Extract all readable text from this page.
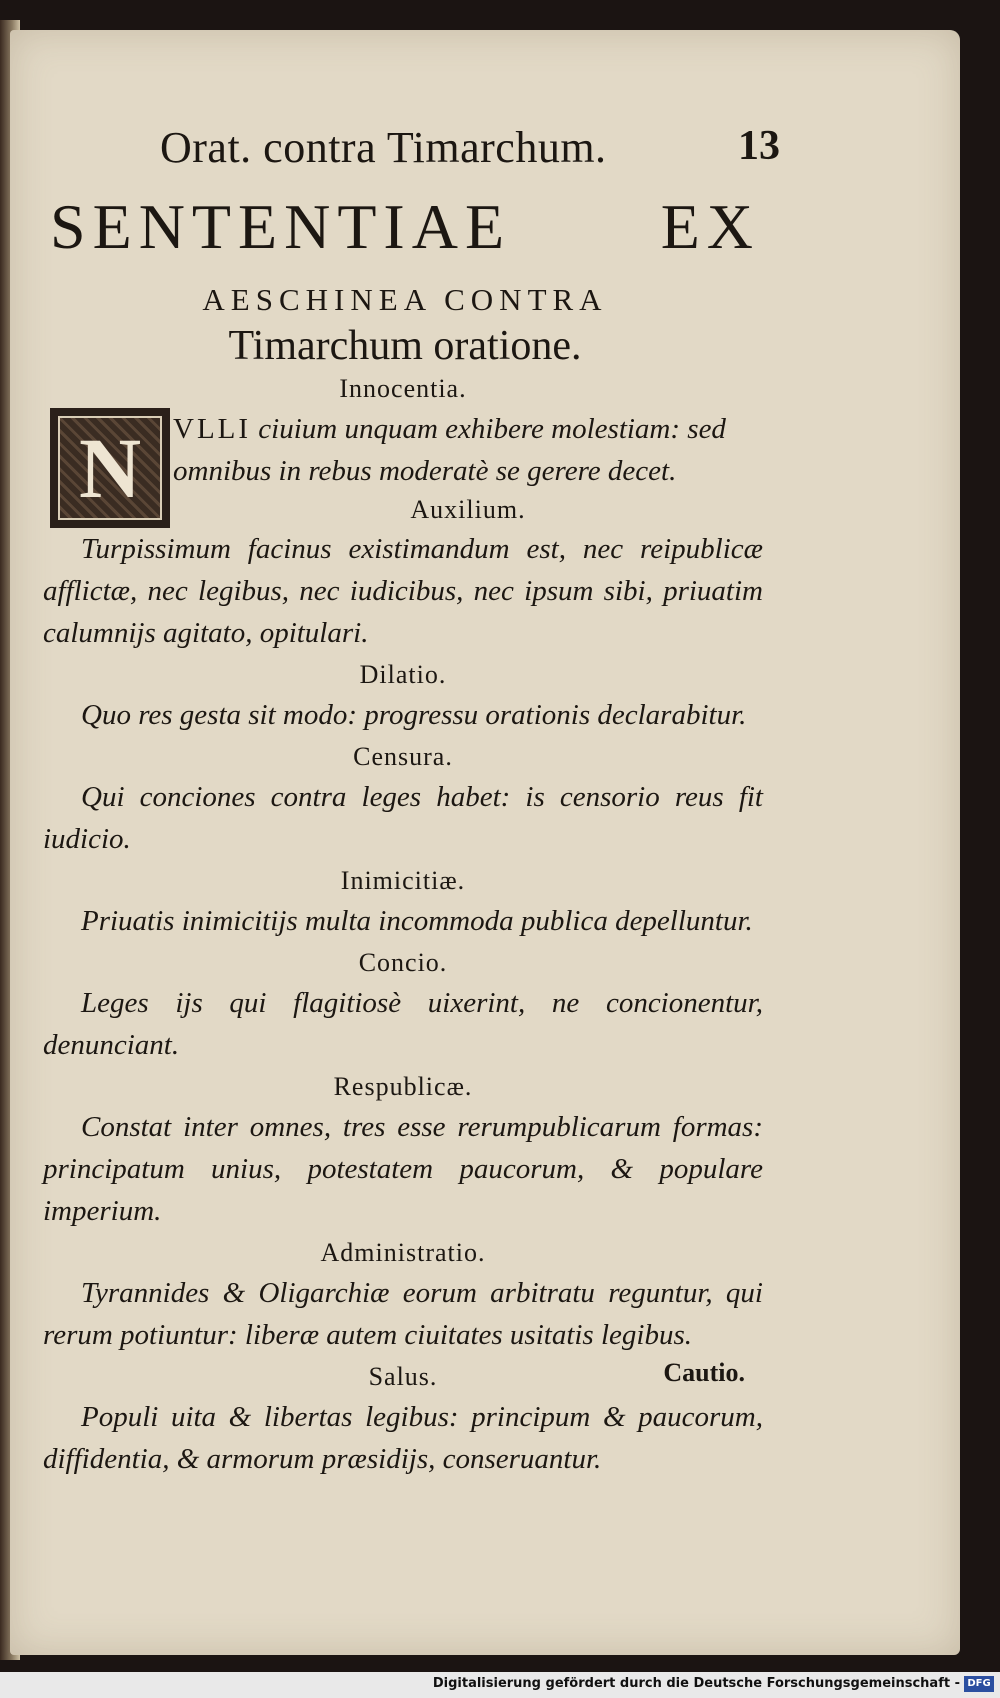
Orat. contra Timarchum.	13
SENTENTIAE EX
AESCHINEA CONTRA
Timarchum oratione.
Innocentia.
N VLLI ciuium unquam exhibere molestiam: sed omnibus in rebus moderatè se gerere decet.
Auxilium.

Turpissimum facinus existimandum est, nec reipublicæ afflictæ, nec legibus, nec iudicibus, nec ipsum sibi, priuatim calumnijs agitato, opitulari.

Dilatio.

Quo res gesta sit modo: progressu orationis declarabitur.

Censura.

Qui conciones contra leges habet: is censorio reus fit iudicio.

Inimicitiæ.

Priuatis inimicitijs multa incommoda publica depelluntur.

Concio.

Leges ijs qui flagitiosè uixerint, ne concionentur, denunciant.

Respublicæ.

Constat inter omnes, tres esse rerumpublicarum formas: principatum unius, potestatem paucorum, & populare imperium.

Administratio.

Tyrannides & Oligarchiæ eorum arbitratu reguntur, qui rerum potiuntur: liberæ autem ciuitates usitatis legibus.

Salus.

Populi uita & libertas legibus: principum & paucorum, diffidentia, & armorum præsidijs, conseruantur.

Cautio.
Digitalisierung gefördert durch die Deutsche Forschungsgemeinschaft - DFG
